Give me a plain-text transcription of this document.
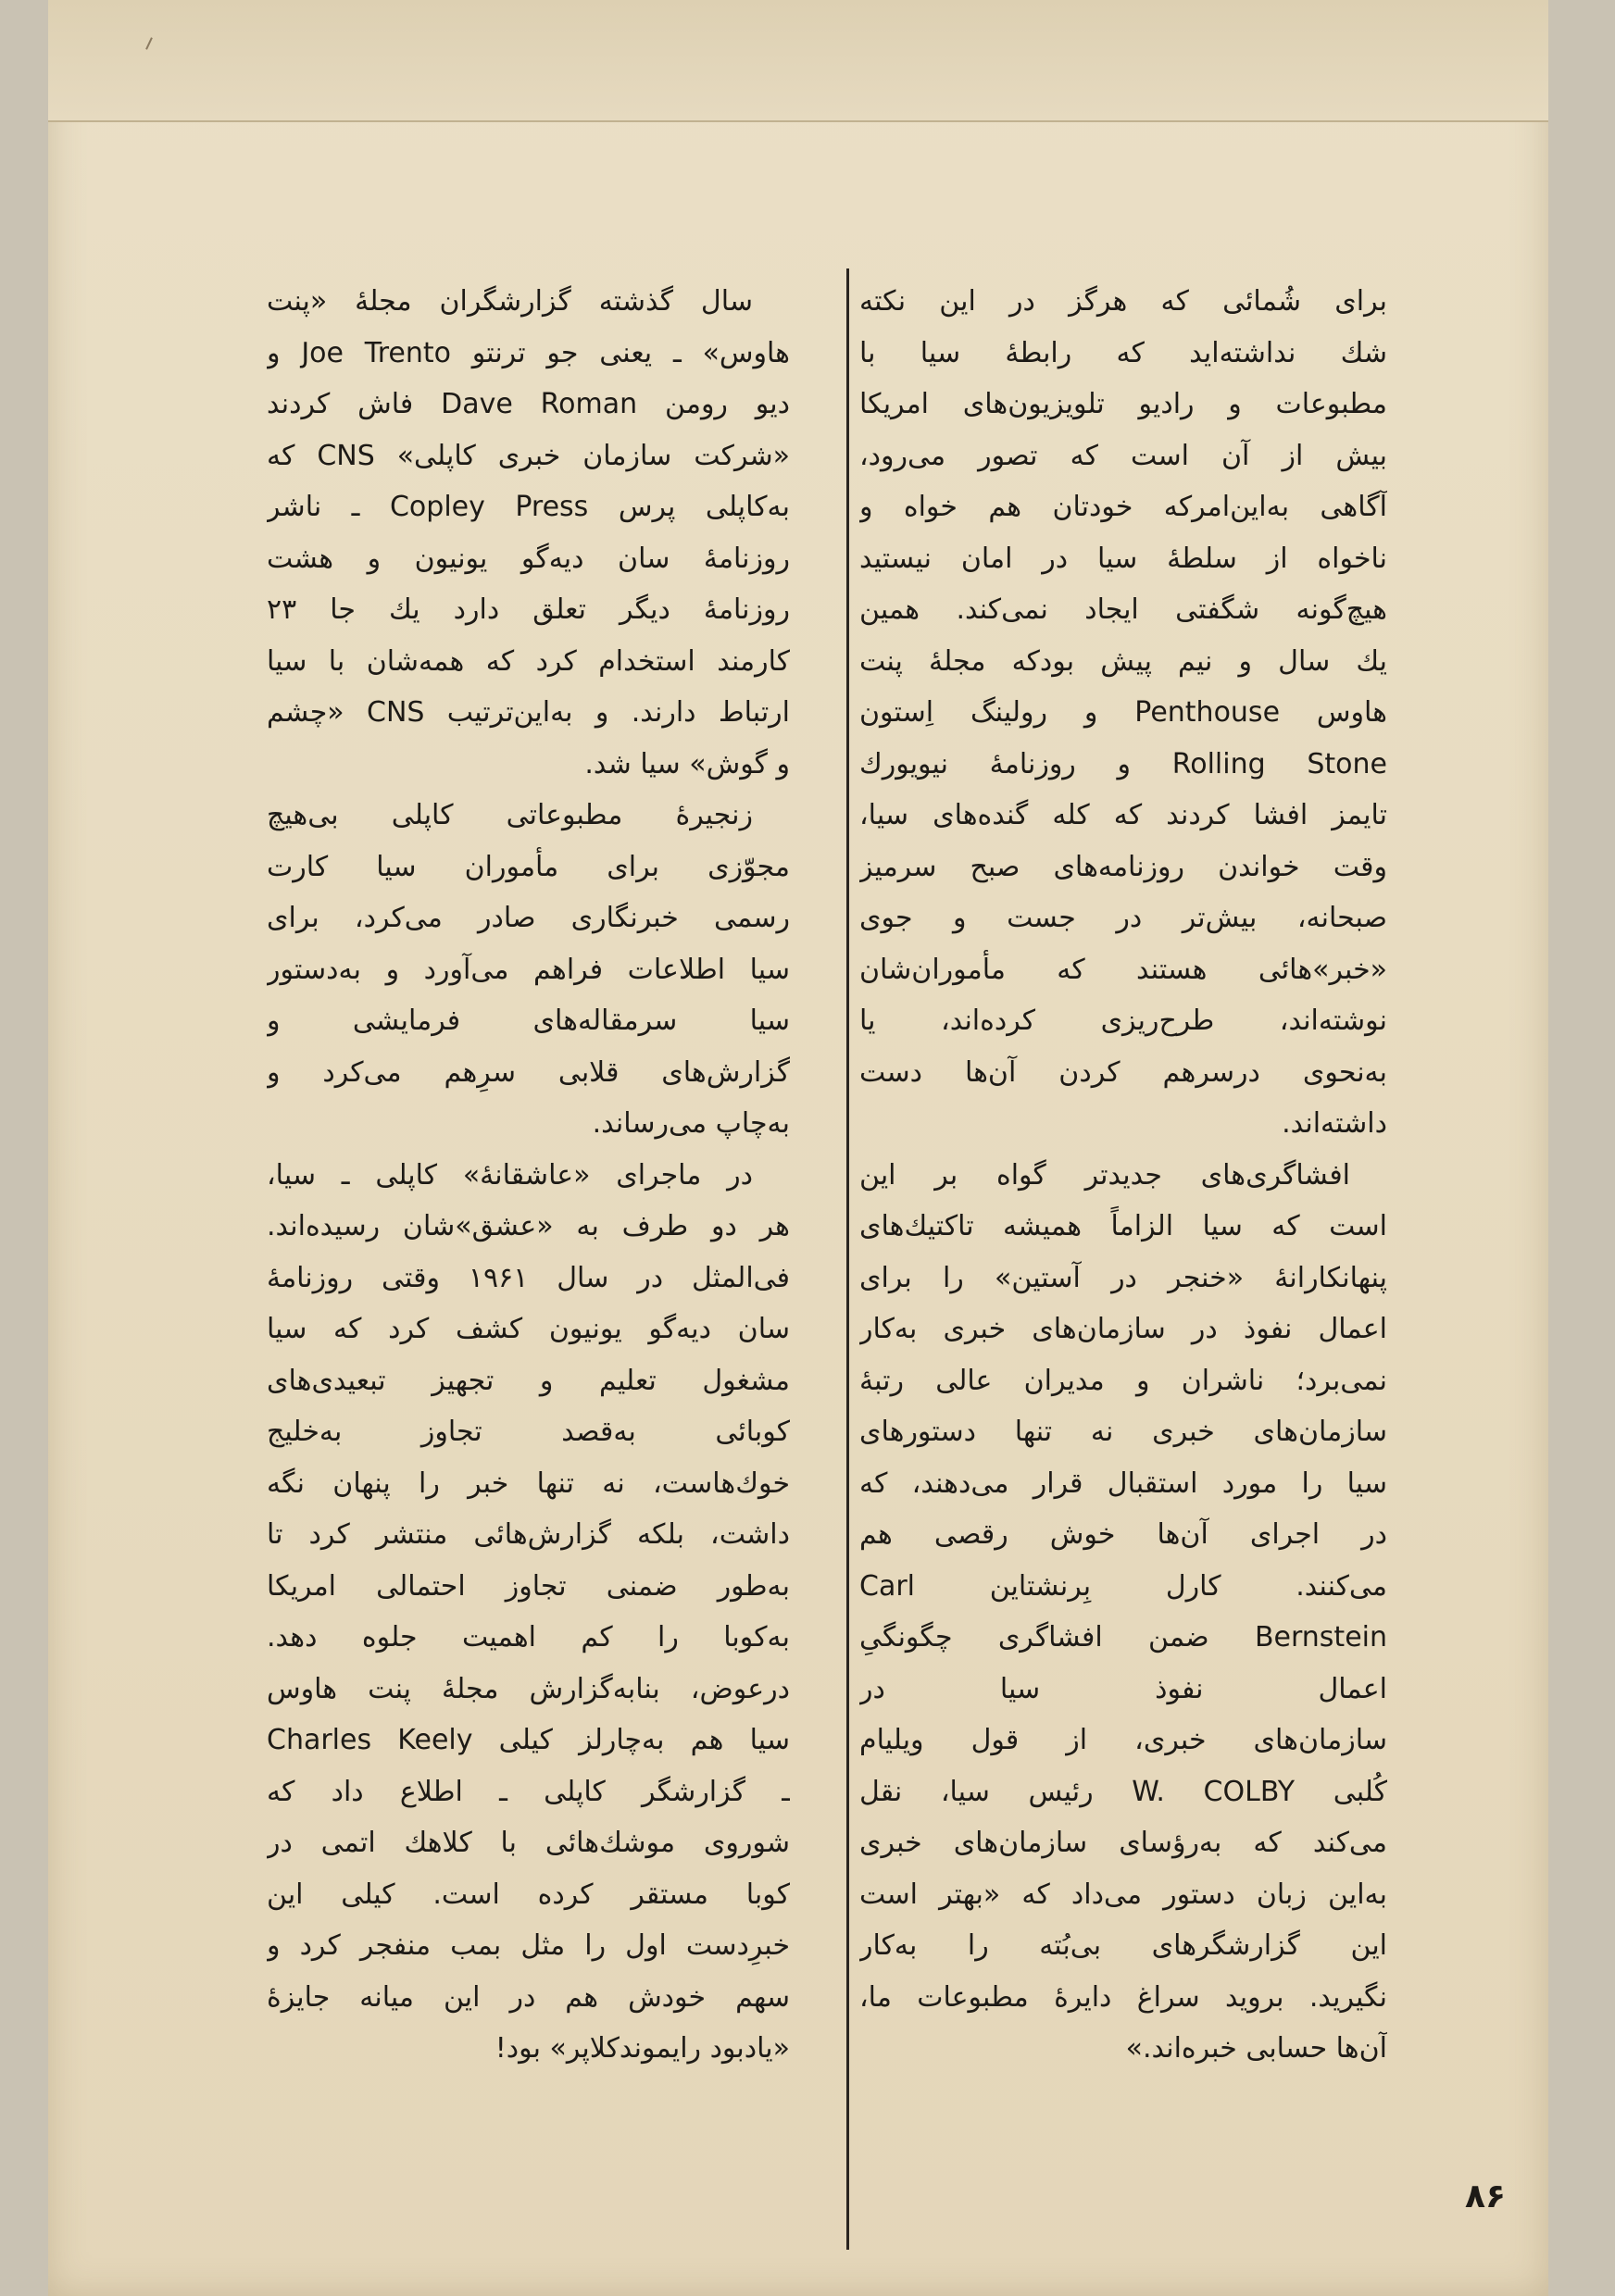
برای شُمائی که هرگز در این نکته
شك نداشته‌اید که رابطهٔ سیا با
مطبوعات و رادیو تلویزیون‌های امریکا
بیش از آن است که تصور می‌رود،
آگاهی به‌این‌امرکه خودتان هم خواه و
ناخواه از سلطهٔ سیا در امان نیستید
هیچ‌گونه شگفتی ایجاد نمی‌کند. همین
یك سال و نیم پیش بودکه مجلهٔ پنت
هاوس Penthouse و رولینگ اِستون
Rolling Stone و روزنامهٔ نیویورك
تایمز افشا کردند که کله گنده‌های سیا،
وقت خواندن روزنامه‌های صبح سرمیز
صبحانه، بیش‌تر در جست و جوی
«خبر»هائی هستند که مأموران‌شان
نوشته‌اند، طرح‌ریزی کرده‌اند، یا
به‌نحوی درسرهم کردن آن‌ها دست
داشته‌اند.
افشاگری‌های جدیدتر گواه بر این
است که سیا الزاماً همیشه تاکتیك‌های
پنهانکارانهٔ «خنجر در آستین» را برای
اعمال نفوذ در سازمان‌های خبری به‌کار
نمی‌برد؛ ناشران و مدیران عالی رتبهٔ
سازمان‌های خبری نه تنها دستورهای
سیا را مورد استقبال قرار می‌دهند، که
در اجرای آن‌ها خوش رقصی هم
می‌کنند. کارل بِرنشتاین Carl
Bernstein ضمن افشاگری چگونگیِ
اعمال نفوذ سیا در
سازمان‌های خبری، از قول ویلیام
کُلبی W. COLBY رئیس سیا، نقل
می‌کند که به‌رؤسای سازمان‌های خبری
به‌این زبان دستور می‌داد که «بهتر است
این گزارشگرهای بی‌بُته را به‌کار
نگیرید. بروید سراغ دایرهٔ مطبوعات ما،
آن‌ها حسابی خبره‌اند.»
سال گذشته گزارشگران مجلهٔ «پنت
هاوس» ـ یعنی جو ترنتو Joe Trento و
دیو رومن Dave Roman فاش کردند
«شرکت سازمان خبری کاپلی» CNS که
به‌کاپلی پرس Copley Press ـ ناشر
روزنامهٔ سان دیه‌گو یونیون و هشت
روزنامهٔ دیگر تعلق دارد یك جا ۲۳
کارمند استخدام کرد که همه‌شان با سیا
ارتباط دارند. و به‌این‌ترتیب CNS «چشم
و گوش» سیا شد.
زنجیرهٔ مطبوعاتی کاپلی بی‌هیچ
مجوّزی برای مأموران سیا کارت
رسمی خبرنگاری صادر می‌کرد، برای
سیا اطلاعات فراهم می‌آورد و به‌دستور
سیا سرمقاله‌های فرمایشی و
گزارش‌های قلابی سرِهم می‌کرد و
به‌چاپ می‌رساند.
در ماجرای «عاشقانهٔ» کاپلی ـ سیا،
هر دو طرف به «عشق»شان رسیده‌اند.
فی‌المثل در سال ۱۹۶۱ وقتی روزنامهٔ
سان دیه‌گو یونیون کشف کرد که سیا
مشغول تعلیم و تجهیز تبعیدی‌های
کوبائی به‌قصد تجاوز به‌خلیج
خوك‌هاست، نه تنها خبر را پنهان نگه
داشت، بلکه گزارش‌هائی منتشر کرد تا
به‌طور ضمنی تجاوز احتمالی امریکا
به‌کوبا را کم اهمیت جلوه دهد.
درعوض، بنابه‌گزارش مجلهٔ پنت هاوس
سیا هم به‌چارلز کیلی Charles Keely
ـ گزارشگر کاپلی ـ اطلاع داد که
شوروی موشك‌هائی با کلاهك اتمی در
کوبا مستقر کرده است. کیلی این
خبرِدست اول را مثل بمب منفجر کرد و
سهم خودش هم در این میانه جایزهٔ
«یادبود رایموندکلاپر» بود!
۸۶
